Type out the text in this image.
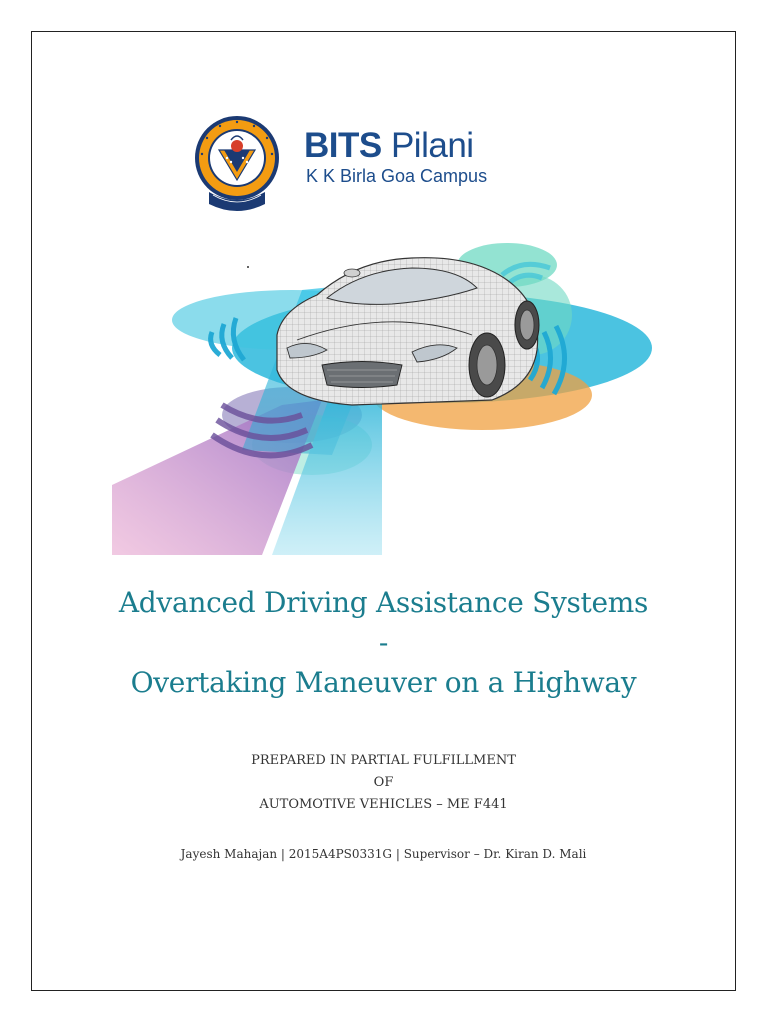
BITS Pilani
K K Birla Goa Campus
Advanced Driving Assistance Systems
-
Overtaking Maneuver on a Highway
PREPARED IN PARTIAL FULFILLMENT
OF
AUTOMOTIVE VEHICLES – ME F441
Jayesh Mahajan | 2015A4PS0331G | Supervisor – Dr. Kiran D. Mali
